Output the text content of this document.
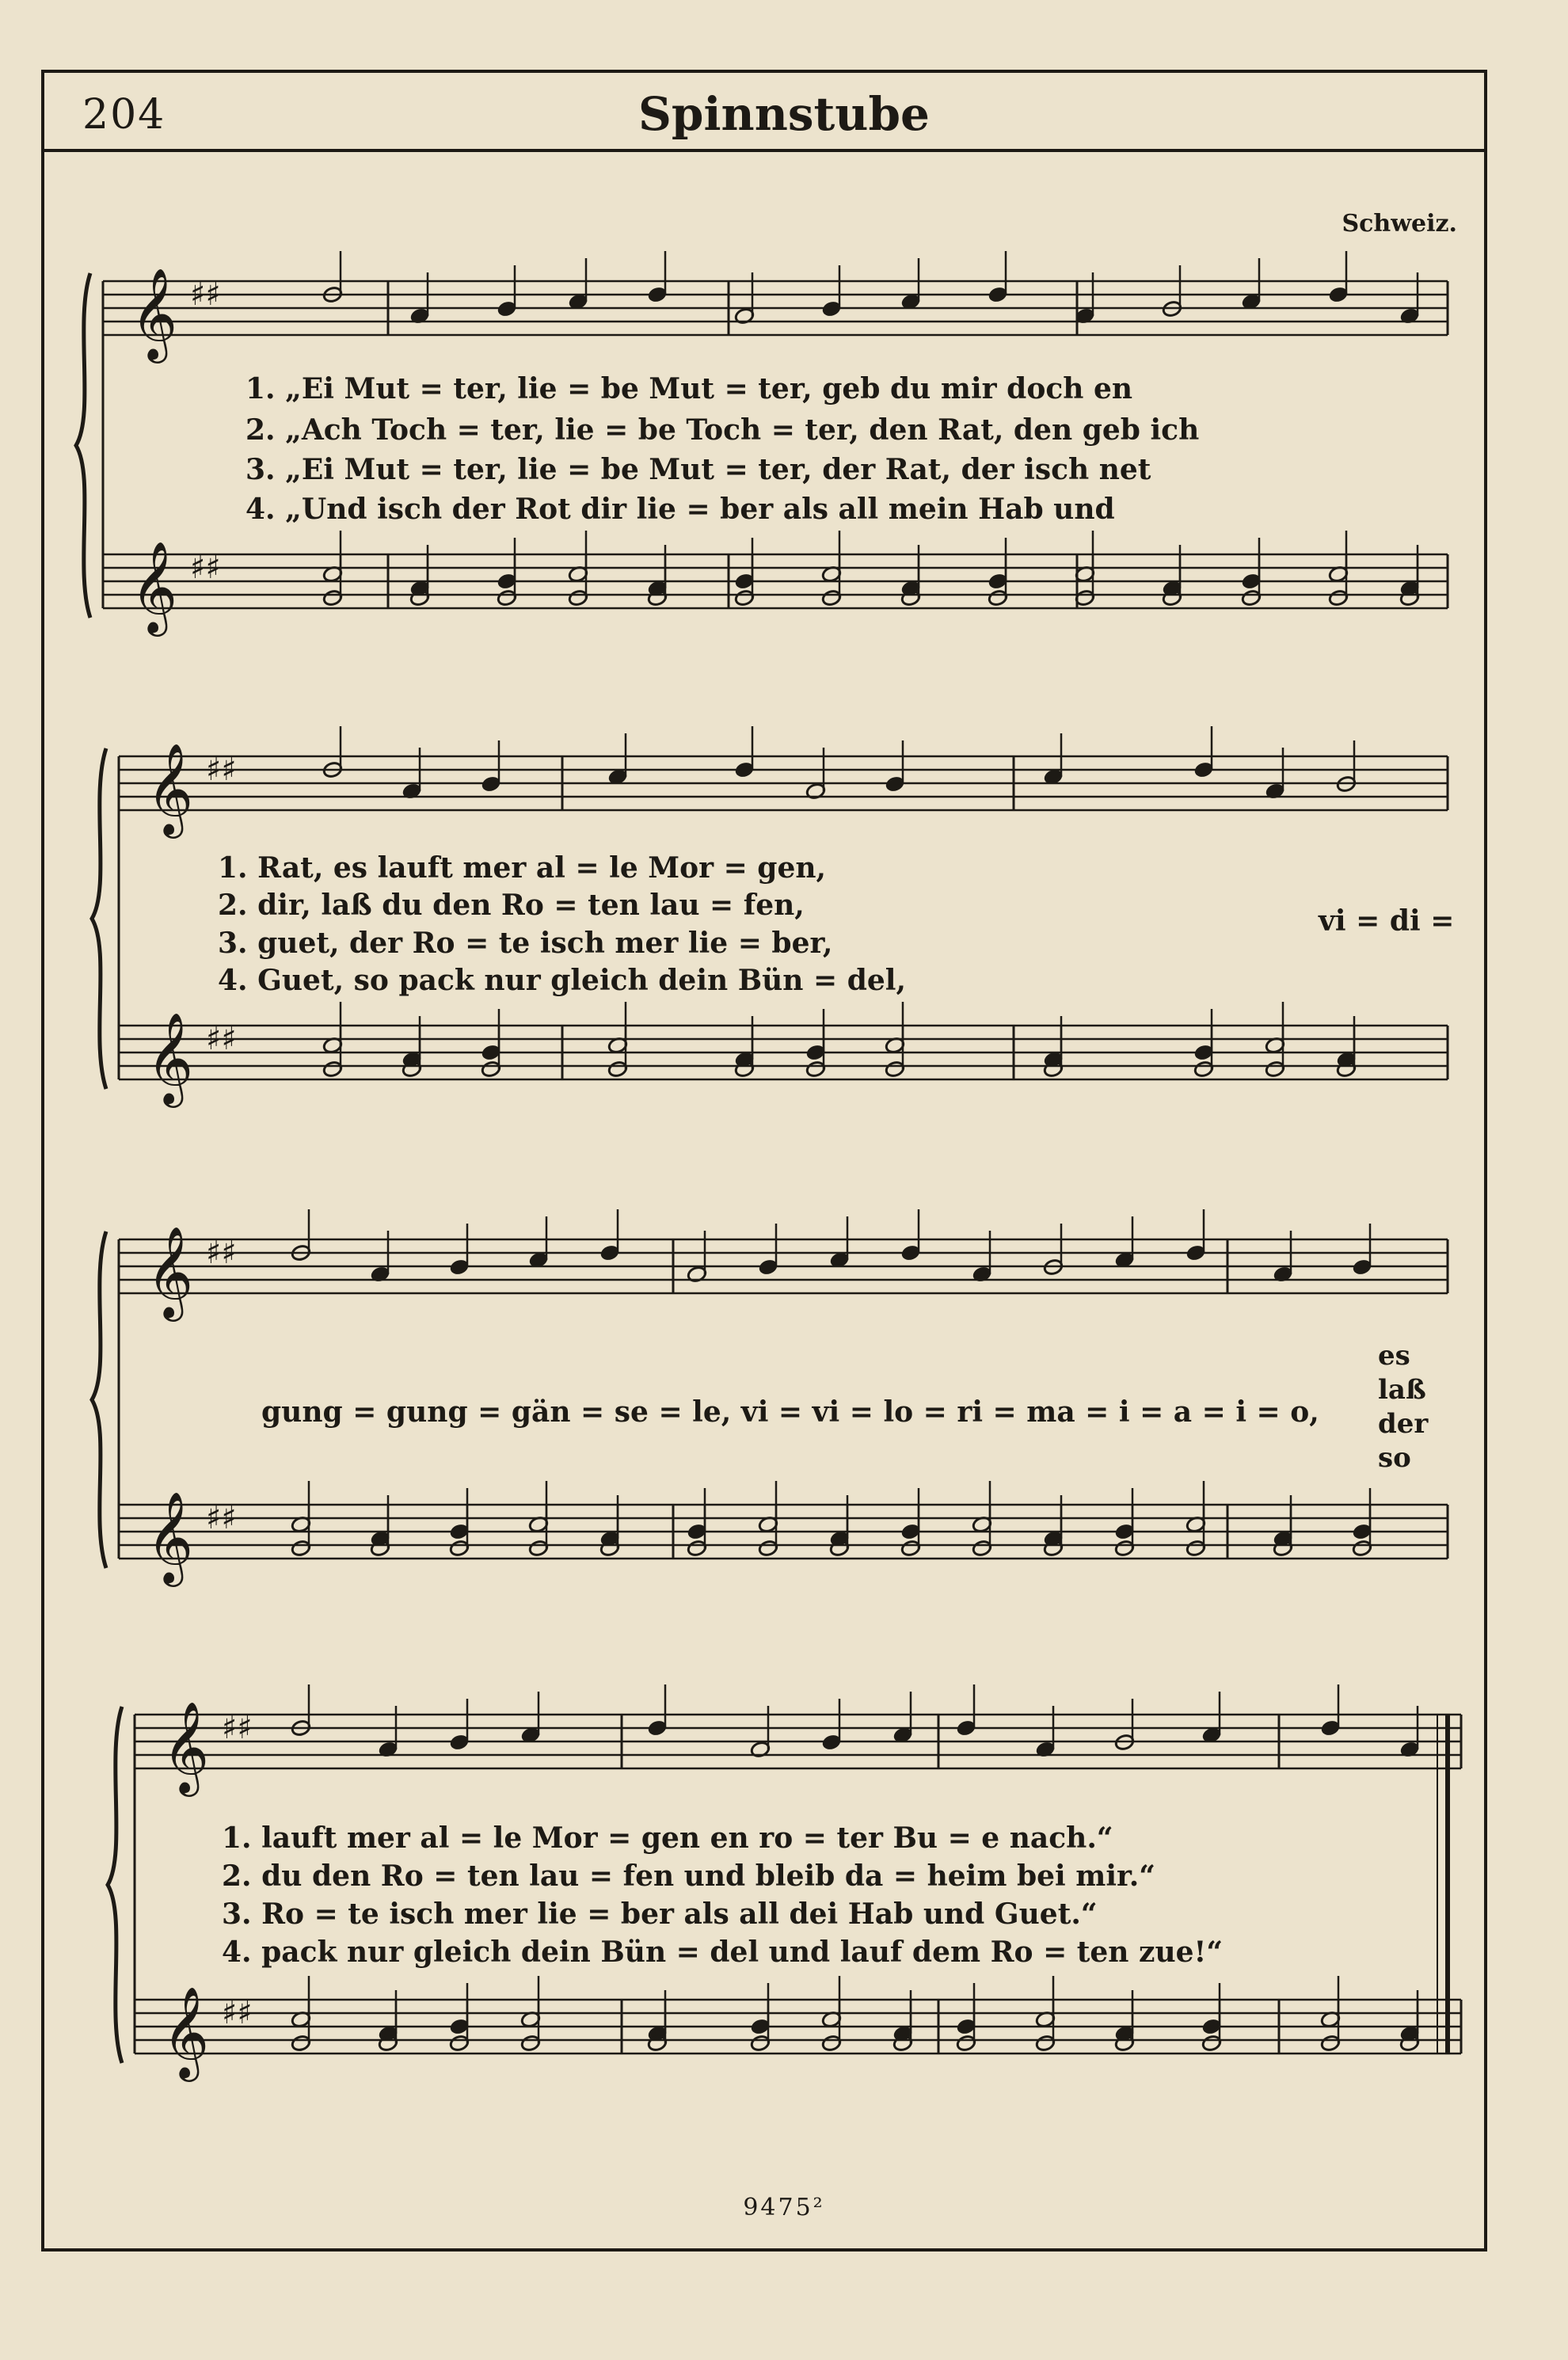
204	Spinnstube
Schweiz.
𝄞
𝄞
♯♯
♯♯
𝄞
𝄞
♯♯
♯♯
𝄞
𝄞
♯♯
♯♯
𝄞
𝄞
♯♯
♯♯
1. „Ei Mut = ter, lie = be Mut = ter, geb du mir doch en
2. „Ach Toch = ter, lie = be Toch = ter, den Rat, den geb ich
3. „Ei Mut = ter, lie = be Mut = ter, der Rat, der isch net
4. „Und isch der Rot dir lie = ber als all mein Hab und
1. Rat, es lauft mer al = le Mor = gen,
2. dir, laß du den Ro = ten lau = fen,
3. guet, der Ro = te isch mer lie = ber,
4. Guet, so pack nur gleich dein Bün = del,
vi = di =
gung = gung = gän = se = le, vi = vi = lo = ri = ma = i = a = i = o,
es
laß
der
so
1. lauft mer al = le Mor = gen en ro = ter Bu = e nach.“
2. du den Ro = ten lau = fen und bleib da = heim bei mir.“
3. Ro = te isch mer lie = ber als all dei Hab und Guet.“
4. pack nur gleich dein Bün = del und lauf dem Ro = ten zue!“
9475²
